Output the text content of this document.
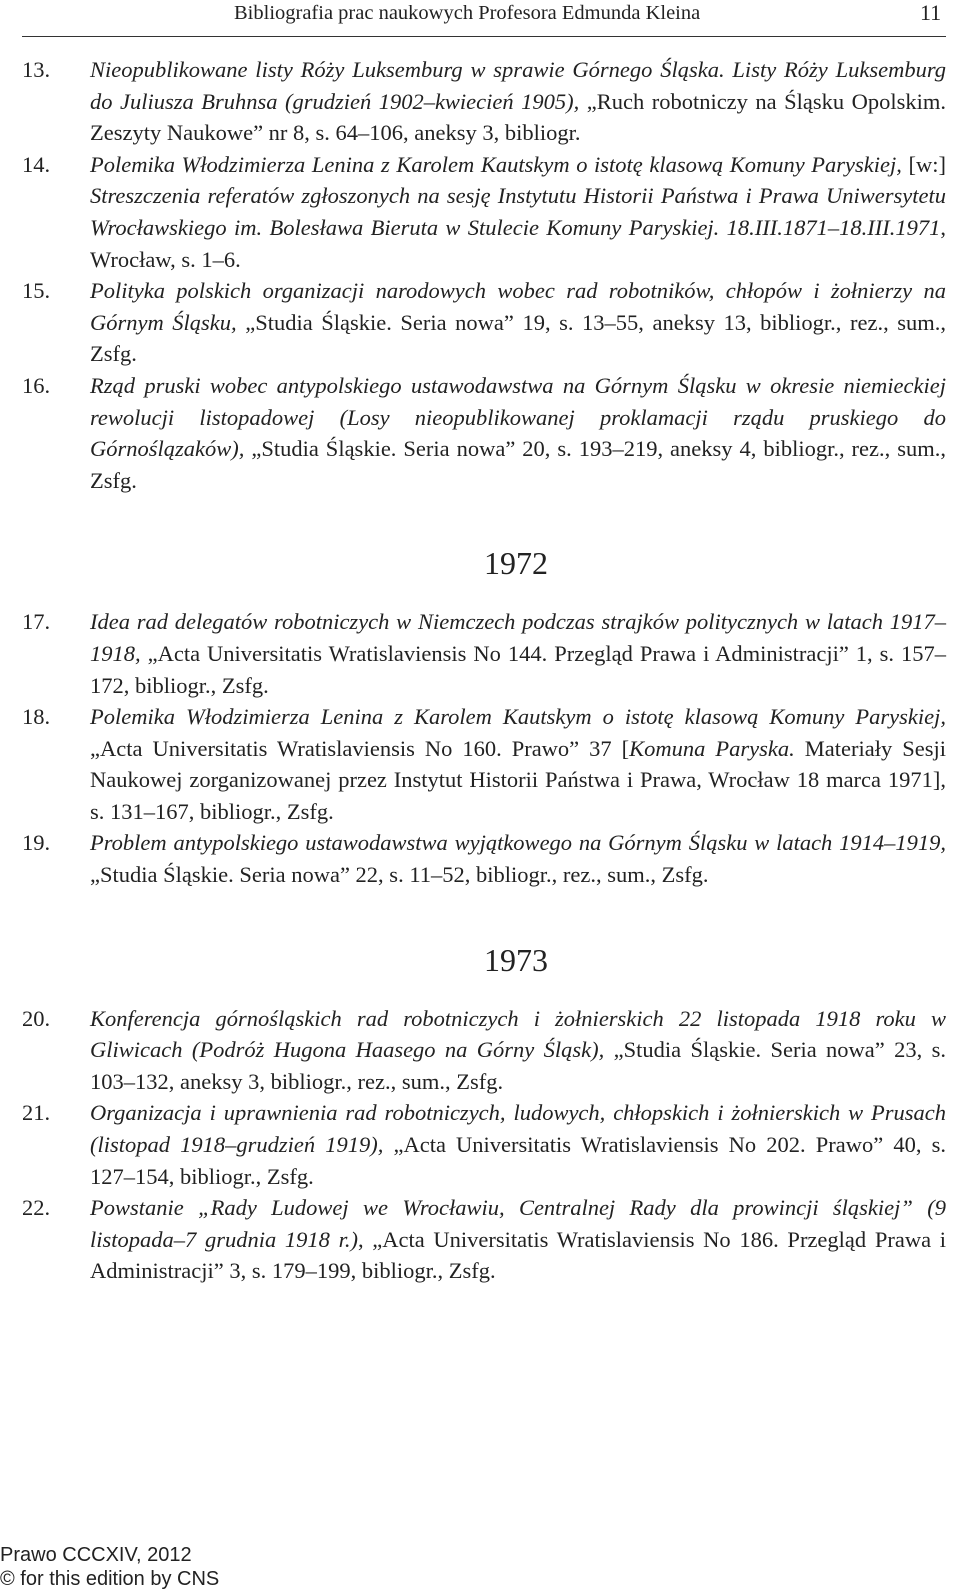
Bibliografia prac naukowych Profesora Edmunda Kleina	11
13.	Nieopublikowane listy Róży Luksemburg w sprawie Górnego Śląska. Listy Róży Luksemburg do Juliusza Bruhnsa (grudzień 1902–kwiecień 1905), „Ruch robotniczy na Śląsku Opolskim. Zeszyty Naukowe” nr 8, s. 64–106, aneksy 3, bibliogr.
14.	Polemika Włodzimierza Lenina z Karolem Kautskym o istotę klasową Komuny Paryskiej, [w:] Streszczenia referatów zgłoszonych na sesję Instytutu Historii Państwa i Prawa Uniwersytetu Wrocławskiego im. Bolesława Bieruta w Stulecie Komuny Paryskiej. 18.III.1871–18.III.1971, Wrocław, s. 1–6.
15.	Polityka polskich organizacji narodowych wobec rad robotników, chłopów i żołnierzy na Górnym Śląsku, „Studia Śląskie. Seria nowa” 19, s. 13–55, aneksy 13, bibliogr., rez., sum., Zsfg.
16.	Rząd pruski wobec antypolskiego ustawodawstwa na Górnym Śląsku w okresie niemieckiej rewolucji listopadowej (Losy nieopublikowanej proklamacji rządu pruskiego do Górnoślązaków), „Studia Śląskie. Seria nowa” 20, s. 193–219, aneksy 4, bibliogr., rez., sum., Zsfg.
1972
17.	Idea rad delegatów robotniczych w Niemczech podczas strajków politycznych w latach 1917–1918, „Acta Universitatis Wratislaviensis No 144. Przegląd Prawa i Administracji” 1, s. 157–172, bibliogr., Zsfg.
18.	Polemika Włodzimierza Lenina z Karolem Kautskym o istotę klasową Komuny Paryskiej, „Acta Universitatis Wratislaviensis No 160. Prawo” 37 [Komuna Paryska. Materiały Sesji Naukowej zorganizowanej przez Instytut Historii Państwa i Prawa, Wrocław 18 marca 1971], s. 131–167, bibliogr., Zsfg.
19.	Problem antypolskiego ustawodawstwa wyjątkowego na Górnym Śląsku w latach 1914–1919, „Studia Śląskie. Seria nowa” 22, s. 11–52, bibliogr., rez., sum., Zsfg.
1973
20.	Konferencja górnośląskich rad robotniczych i żołnierskich 22 listopada 1918 roku w Gliwicach (Podróż Hugona Haasego na Górny Śląsk), „Studia Śląskie. Seria nowa” 23, s. 103–132, aneksy 3, bibliogr., rez., sum., Zsfg.
21.	Organizacja i uprawnienia rad robotniczych, ludowych, chłopskich i żołnierskich w Prusach (listopad 1918–grudzień 1919), „Acta Universitatis Wratislaviensis No 202. Prawo” 40, s. 127–154, bibliogr., Zsfg.
22.	Powstanie „Rady Ludowej we Wrocławiu, Centralnej Rady dla prowincji śląskiej” (9 listopada–7 grudnia 1918 r.), „Acta Universitatis Wratislaviensis No 186. Przegląd Prawa i Administracji” 3, s. 179–199, bibliogr., Zsfg.
Prawo CCCXIV, 2012
© for this edition by CNS
